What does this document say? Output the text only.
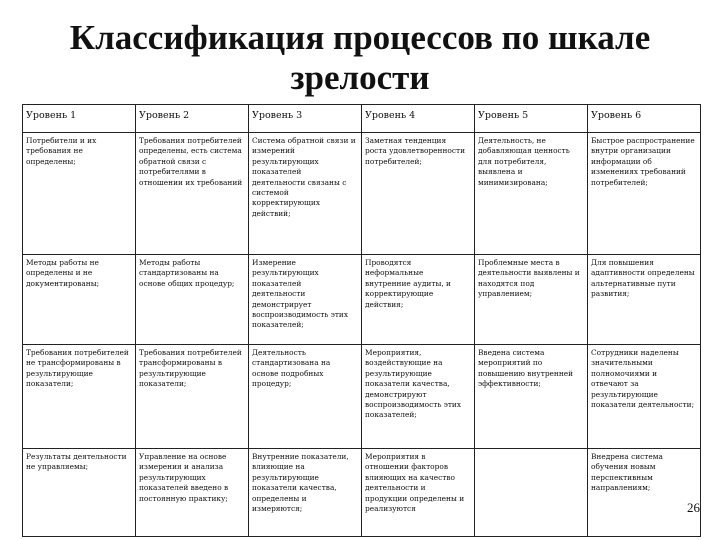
Классификация процессов по шкале зрелости
Уровень 1	Уровень 2	Уровень 3	Уровень 4	Уровень 5	Уровень 6
Потребители и их требования не определены;	Требования потребителей определены, есть система обратной связи с потребителями в отношении их требований	Система обратной связи и измерений результирующих показателей деятельности связаны с системой корректирующих действий;	Заметная тенденция роста удовлетворенности потребителей;	Деятельность, не добавляющая ценность для потребителя, выявлена и минимизирована;	Быстрое распространение внутри организации информации об изменениях требований потребителей;
Методы работы не определены и не документированы;	Методы работы стандартизованы на основе общих процедур;	Измерение результирующих показателей деятельности демонстрирует воспроизводимость этих показателей;	Проводятся неформальные внутренние аудиты, и корректирующие действия;	Проблемные места в деятельности выявлены и находятся под управлением;	Для повышения адаптивности определены альтернативные пути развития;
Требования потребителей не трансформированы в результирующие показатели;	Требования потребителей трансформированы в результирующие показатели;	Деятельность стандартизована на основе подробных процедур;	Мероприятия, воздействующие на результирующие показатели качества, демонстрируют воспроизводимость этих показателей;	Введена система мероприятий по повышению внутренней эффективности;	Сотрудники наделены значительными полномочиями и отвечают за результирующие показатели деятельности;
Результаты деятельности не управляемы;	Управление на основе измерения и анализа результирующих показателей введено в постоянную практику;	Внутренние показатели, влияющие на результирующие показатели качества, определены и измеряются;	Мероприятия в отношении факторов влияющих на качество деятельности и продукции определены и реализуются		Внедрена система обучения новым перспективным направлениям;
26
